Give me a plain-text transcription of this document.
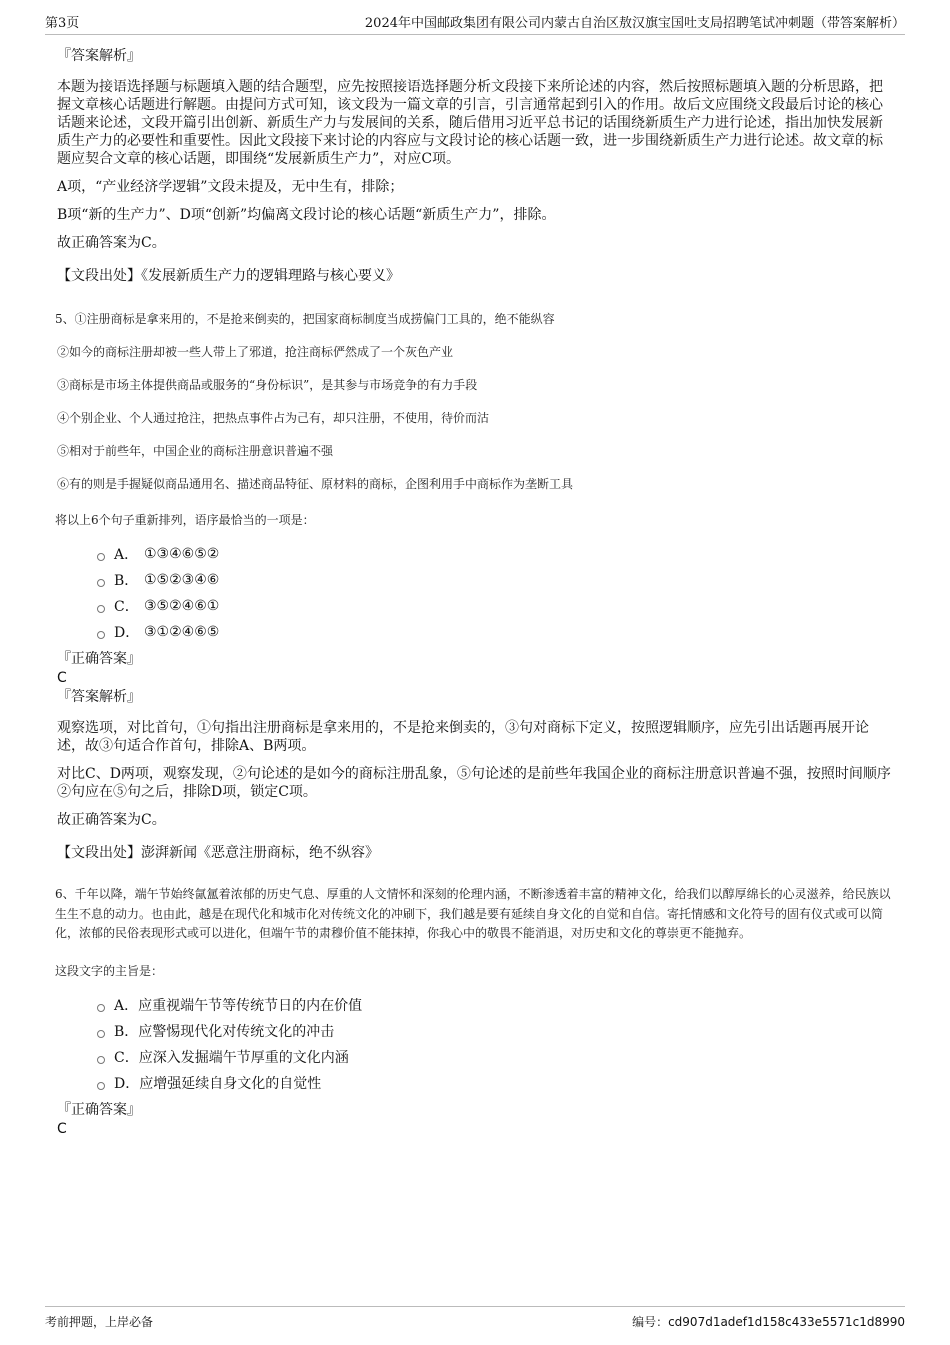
第3页	2024年中国邮政集团有限公司内蒙古自治区敖汉旗宝国吐支局招聘笔试冲刺题（带答案解析）
『答案解析』

本题为接语选择题与标题填入题的结合题型，应先按照接语选择题分析文段接下来所论述的内容，然后按照标题填入题的分析思路，把握文章核心话题进行解题。由提问方式可知，该文段为一篇文章的引言，引言通常起到引入的作用。故后文应围绕文段最后讨论的核心话题来论述，文段开篇引出创新、新质生产力与发展间的关系，随后借用习近平总书记的话围绕新质生产力进行论述，指出加快发展新质生产力的必要性和重要性。因此文段接下来讨论的内容应与文段讨论的核心话题一致，进一步围绕新质生产力进行论述。故文章的标题应契合文章的核心话题，即围绕“发展新质生产力”，对应C项。

A项，“产业经济学逻辑”文段未提及，无中生有，排除；

B项“新的生产力”、D项“创新”均偏离文段讨论的核心话题“新质生产力”，排除。

故正确答案为C。

【文段出处】《发展新质生产力的逻辑理路与核心要义》
5、①注册商标是拿来用的，不是抢来倒卖的，把国家商标制度当成捞偏门工具的，绝不能纵容
②如今的商标注册却被一些人带上了邪道，抢注商标俨然成了一个灰色产业
③商标是市场主体提供商品或服务的“身份标识”，是其参与市场竞争的有力手段
④个别企业、个人通过抢注，把热点事件占为己有，却只注册，不使用，待价而沽
⑤相对于前些年，中国企业的商标注册意识普遍不强
⑥有的则是手握疑似商品通用名、描述商品特征、原材料的商标，企图利用手中商标作为垄断工具
将以上6个句子重新排列，语序最恰当的一项是：
A． ①③④⑥⑤②
B． ①⑤②③④⑥
C． ③⑤②④⑥①
D． ③①②④⑥⑤
『正确答案』
C
『答案解析』

观察选项，对比首句，①句指出注册商标是拿来用的，不是抢来倒卖的，③句对商标下定义，按照逻辑顺序，应先引出话题再展开论述，故③句适合作首句，排除A、B两项。

对比C、D两项，观察发现，②句论述的是如今的商标注册乱象，⑤句论述的是前些年我国企业的商标注册意识普遍不强，按照时间顺序②句应在⑤句之后，排除D项，锁定C项。

故正确答案为C。

【文段出处】澎湃新闻《恶意注册商标，绝不纵容》
6、千年以降，端午节始终氤氲着浓郁的历史气息、厚重的人文情怀和深刻的伦理内涵，不断渗透着丰富的精神文化，给我们以醇厚绵长的心灵滋养，给民族以生生不息的动力。也由此，越是在现代化和城市化对传统文化的冲刷下，我们越是要有延续自身文化的自觉和自信。寄托情感和文化符号的固有仪式或可以简化，浓郁的民俗表现形式或可以进化，但端午节的肃穆价值不能抹掉，你我心中的敬畏不能消退，对历史和文化的尊崇更不能抛弃。
这段文字的主旨是：
A． 应重视端午节等传统节日的内在价值
B． 应警惕现代化对传统文化的冲击
C． 应深入发掘端午节厚重的文化内涵
D． 应增强延续自身文化的自觉性
『正确答案』
C
考前押题，上岸必备	编号：cd907d1adef1d158c433e5571c1d8990
